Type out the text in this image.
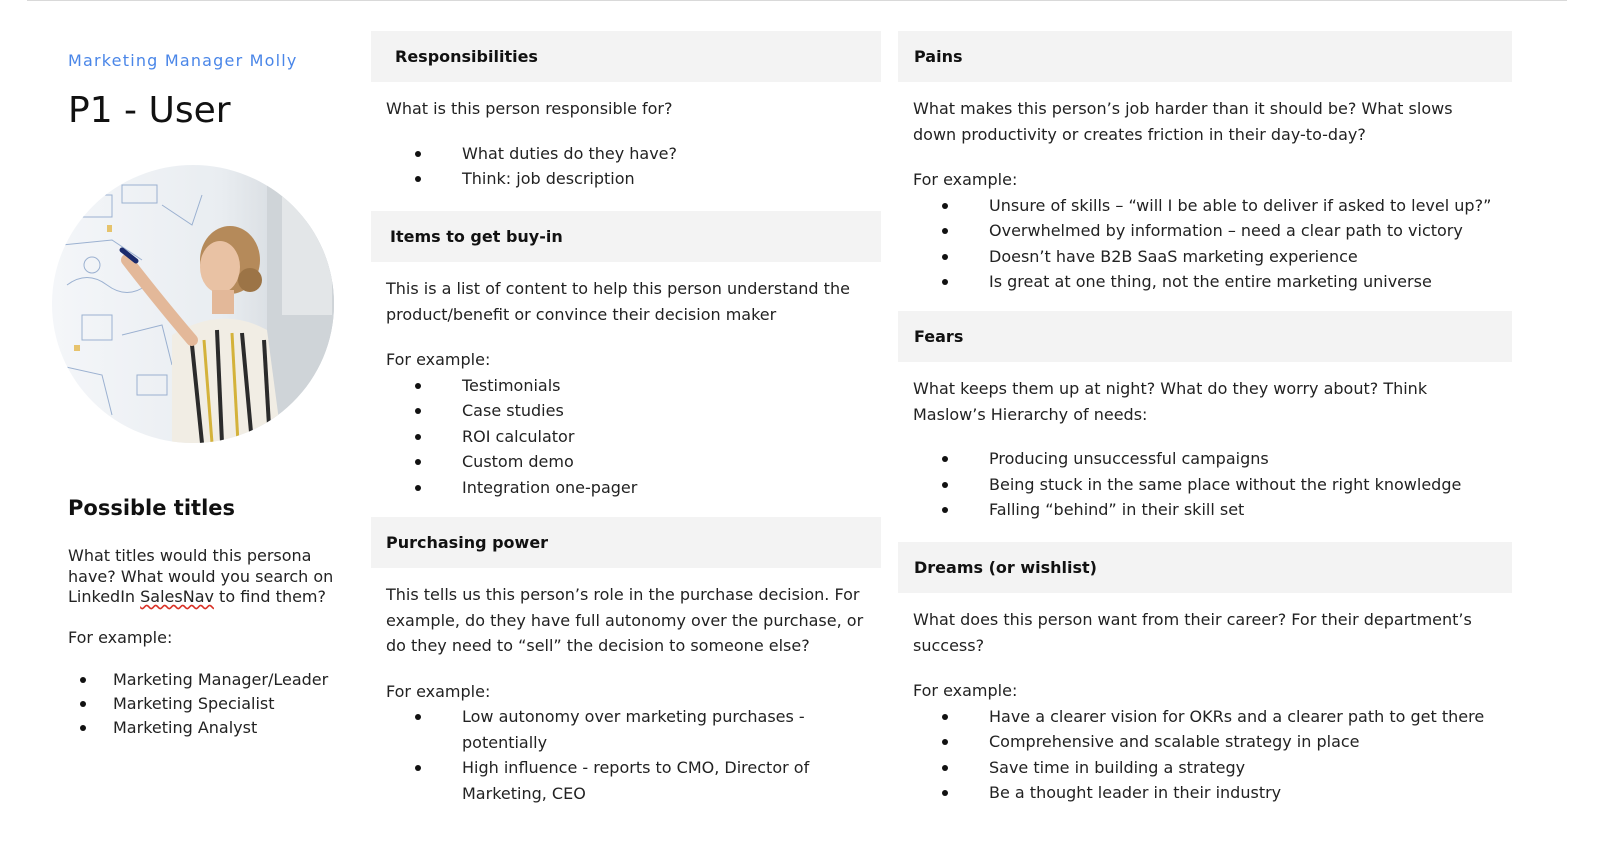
Marketing Manager Molly
P1 - User
Possible titles
What titles would this persona have? What would you search on LinkedIn SalesNav to find them?
For example:
Marketing Manager/Leader
Marketing Specialist
Marketing Analyst
Responsibilities

What is this person responsible for?

What duties do they have?
Think: job description
Items to get buy-in

This is a list of content to help this person understand the product/benefit or convince their decision maker

For example:

Testimonials
Case studies
ROI calculator
Custom demo
Integration one-pager
Purchasing power

This tells us this person’s role in the purchase decision. For example, do they have full autonomy over the purchase, or do they need to “sell” the decision to someone else?

For example:

Low autonomy over marketing purchases - potentially
High influence - reports to CMO, Director of Marketing, CEO
Pains

What makes this person’s job harder than it should be? What slows down productivity or creates friction in their day-to-day?

For example:

Unsure of skills – “will I be able to deliver if asked to level up?”
Overwhelmed by information – need a clear path to victory
Doesn’t have B2B SaaS marketing experience
Is great at one thing, not the entire marketing universe
Fears

What keeps them up at night? What do they worry about? Think Maslow’s Hierarchy of needs:

Producing unsuccessful campaigns
Being stuck in the same place without the right knowledge
Falling “behind” in their skill set
Dreams (or wishlist)

What does this person want from their career? For their department’s success?

For example:

Have a clearer vision for OKRs and a clearer path to get there
Comprehensive and scalable strategy in place
Save time in building a strategy
Be a thought leader in their industry
